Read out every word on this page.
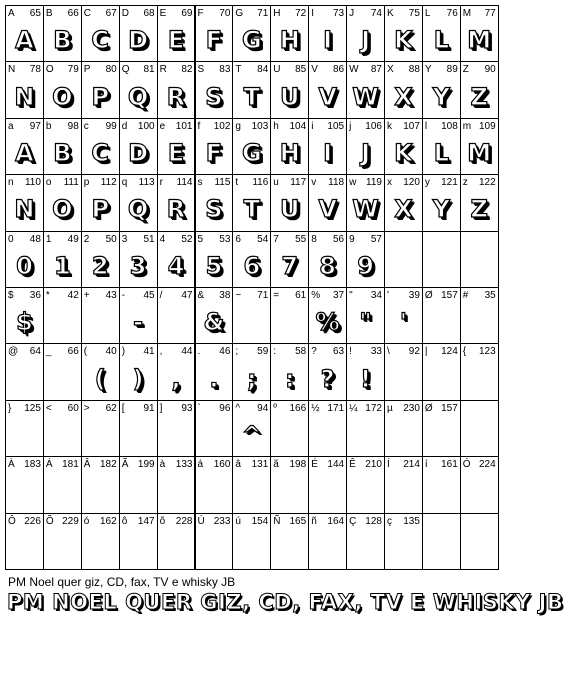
A 65
A
B 66
B
C 67
C
D 68
D
E 69
E
F 70
F
G 71
G
H 72
H
I 73
I
J 74
J
K 75
K
L 76
L
M 77
M
N 78
N
O 79
O
P 80
P
Q 81
Q
R 82
R
S 83
S
T 84
T
U 85
U
V 86
V
W 87
W
X 88
X
Y 89
Y
Z 90
Z
a 97
A
b 98
B
c 99
C
d 100
D
e 101
E
f 102
F
g 103
G
h 104
H
i 105
I
j 106
J
k 107
K
l 108
L
m 109
M
n 110
N
o 111
O
p 112
P
q 113
Q
r 114
R
s 115
S
t 116
T
u 117
U
v 118
V
w 119
W
x 120
X
y 121
Y
z 122
Z
0 48
0
1 49
1
2 50
2
3 51
3
4 52
4
5 53
5
6 54
6
7 55
7
8 56
8
9 57
9
$ 36
$
* 42 + 43 - 45
-
/ 47 & 38
&
~ 71 = 61 % 37
%
" 34
"
' 39
'
Ø 157 # 35
@ 64 _ 66 ( 40
(
) 41
)
, 44
,
. 46
.
; 59
;
: 58
:
? 63
?
! 33
!
\ 92 | 124 { 123
} 125 < 60 > 62 [ 91 ] 93 ` 96 ^ 94
^
º 166 ½ 171 ¼ 172 µ 230 Ø 157
À 183 Á 181 Â 182 Ã 199 à 133 á 160 â 131 ã 198 É 144 Ê 210 Í 214 í 161 Ó 224
Ô 226 Õ 229 ó 162 ô 147 õ 228 Ú 233 ú 154 Ñ 165 ñ 164 Ç 128 ç 135
PM Noel quer giz, CD, fax, TV e whisky JB
PM NOEL QUER GIZ, CD, FAX, TV E WHISKY JB
